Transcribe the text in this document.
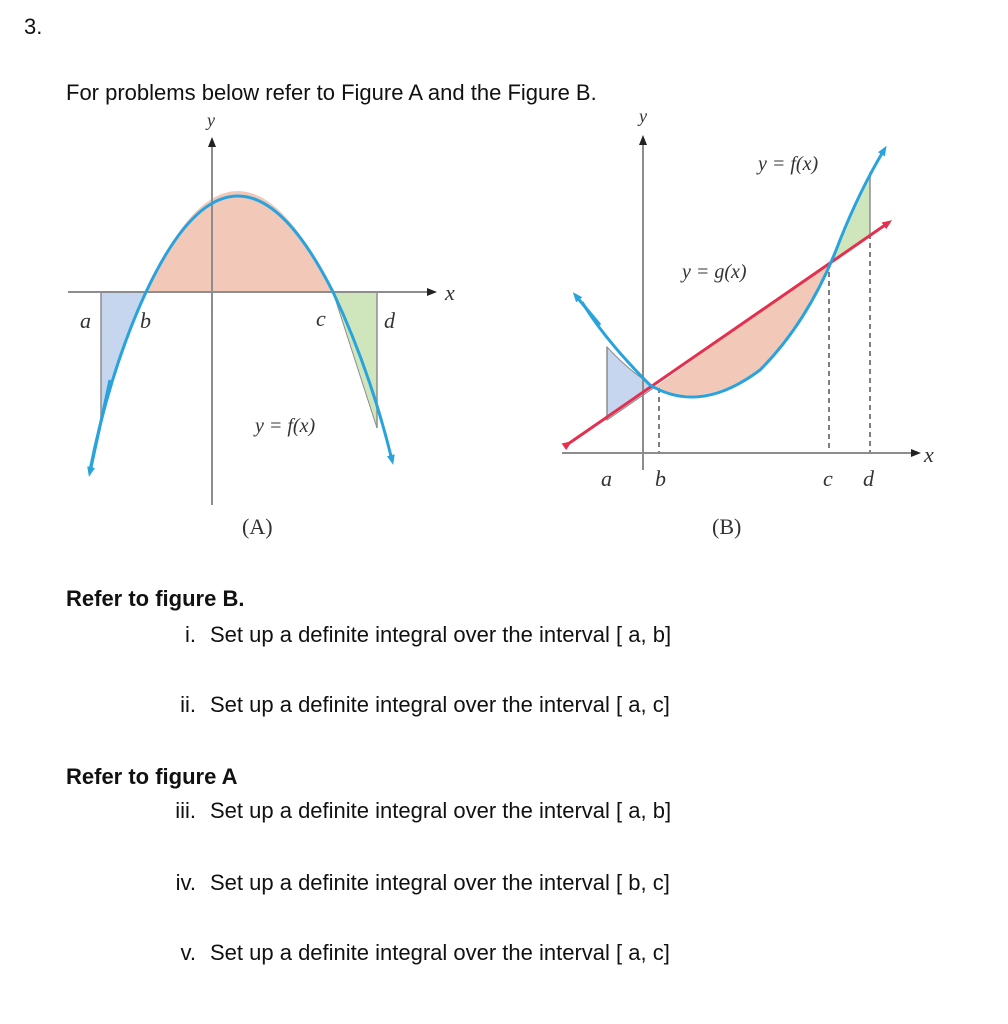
3.
For problems below refer to Figure A and the Figure B.
y
x
a b	c	d
y = f(x)
(A)
y
x
y = f(x)
y = g(x)
a b	c d
(B)
Refer to figure B.
i. Set up a definite integral over the interval [ a, b]
ii. Set up a definite integral over the interval [ a, c]
Refer to figure A
iii. Set up a definite integral over the interval [ a, b]
iv. Set up a definite integral over the interval [ b, c]
v. Set up a definite integral over the interval [ a, c]
